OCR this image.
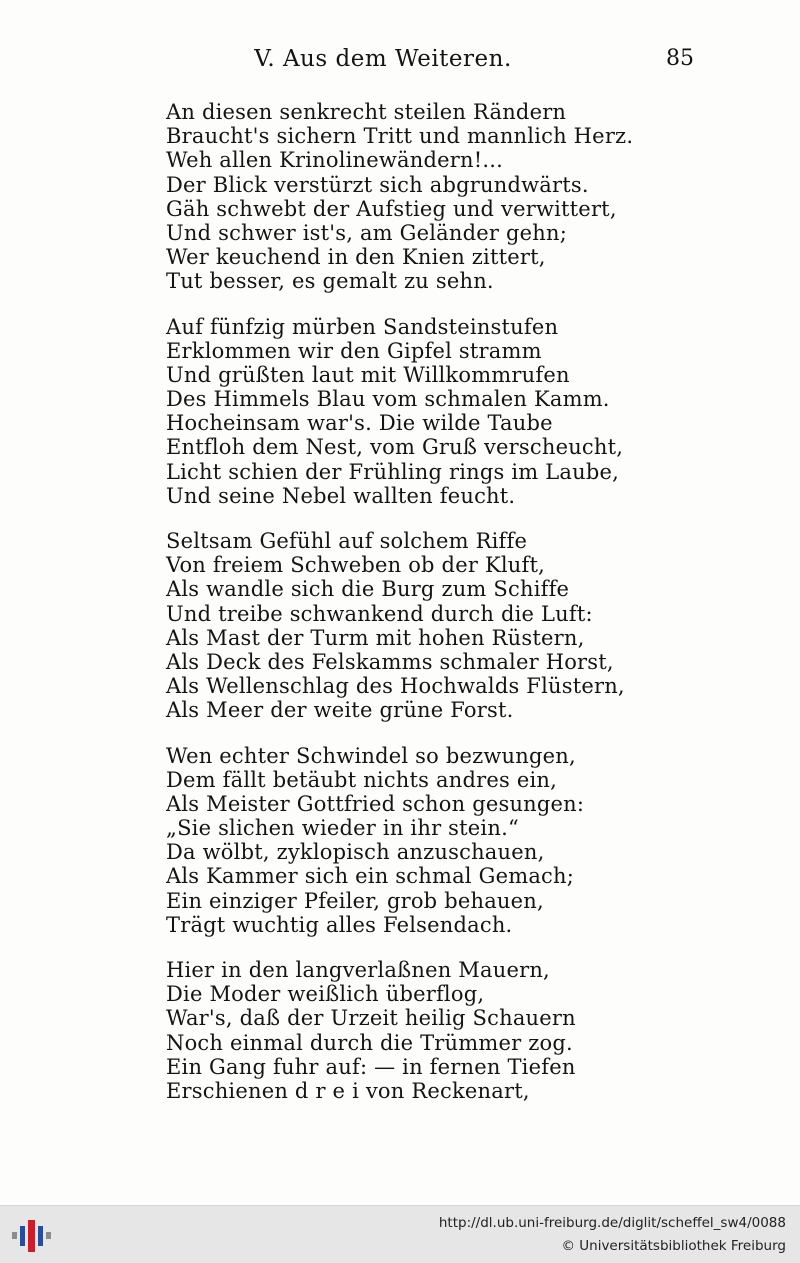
V. Aus dem Weiteren.	85
An diesen senkrecht steilen Rändern
Braucht's sichern Tritt und mannlich Herz.
Weh allen Krinolinewändern!...
Der Blick verstürzt sich abgrundwärts.
Gäh schwebt der Aufstieg und verwittert,
Und schwer ist's, am Geländer gehn;
Wer keuchend in den Knien zittert,
Tut besser, es gemalt zu sehn.
Auf fünfzig mürben Sandsteinstufen
Erklommen wir den Gipfel stramm
Und grüßten laut mit Willkommrufen
Des Himmels Blau vom schmalen Kamm.
Hocheinsam war's. Die wilde Taube
Entfloh dem Nest, vom Gruß verscheucht,
Licht schien der Frühling rings im Laube,
Und seine Nebel wallten feucht.
Seltsam Gefühl auf solchem Riffe
Von freiem Schweben ob der Kluft,
Als wandle sich die Burg zum Schiffe
Und treibe schwankend durch die Luft:
Als Mast der Turm mit hohen Rüstern,
Als Deck des Felskamms schmaler Horst,
Als Wellenschlag des Hochwalds Flüstern,
Als Meer der weite grüne Forst.
Wen echter Schwindel so bezwungen,
Dem fällt betäubt nichts andres ein,
Als Meister Gottfried schon gesungen:
„Sie slichen wieder in ihr stein.“
Da wölbt, zyklopisch anzuschauen,
Als Kammer sich ein schmal Gemach;
Ein einziger Pfeiler, grob behauen,
Trägt wuchtig alles Felsendach.
Hier in den langverlaßnen Mauern,
Die Moder weißlich überflog,
War's, daß der Urzeit heilig Schauern
Noch einmal durch die Trümmer zog.
Ein Gang fuhr auf: — in fernen Tiefen
Erschienen d r e i von Reckenart,
http://dl.ub.uni-freiburg.de/diglit/scheffel_sw4/0088
© Universitätsbibliothek Freiburg
